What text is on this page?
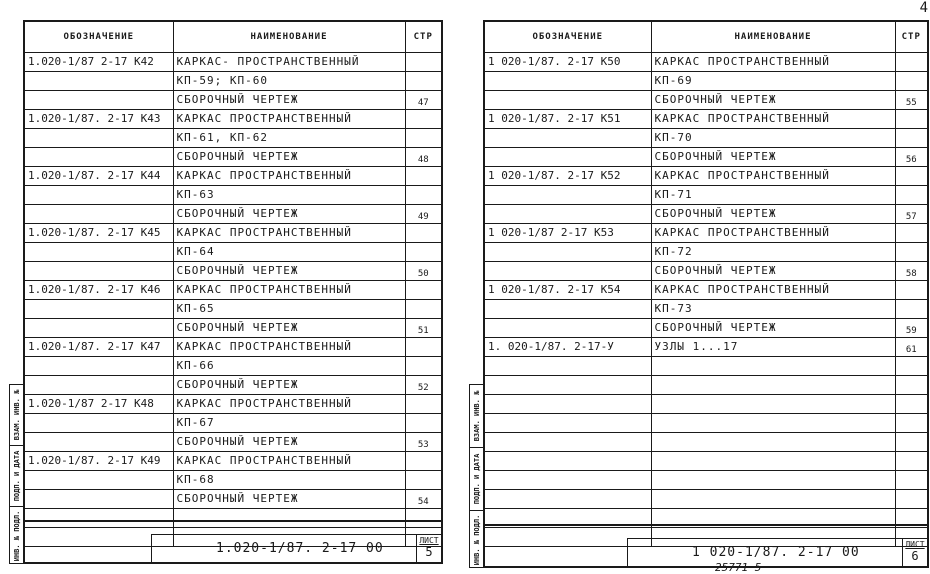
ВЗАМ. ИНВ. №
ПОДП. И ДАТА
ИНВ. № ПОДЛ.
ОБОЗНАЧЕНИЕ	НАИМЕНОВАНИЕ	СТР
1.020-1/87 2-17 К42	КАРКАС- ПРОСТРАНСТВЕННЫЙ	
	КП-59; КП-60	
	СБОРОЧНЫЙ ЧЕРТЕЖ	47
1.020-1/87. 2-17 К43	КАРКАС ПРОСТРАНСТВЕННЫЙ	
	КП-61, КП-62	
	СБОРОЧНЫЙ ЧЕРТЕЖ	48
1.020-1/87. 2-17 К44	КАРКАС ПРОСТРАНСТВЕННЫЙ	
	КП-63	
	СБОРОЧНЫЙ ЧЕРТЕЖ	49
1.020-1/87. 2-17 К45	КАРКАС ПРОСТРАНСТВЕННЫЙ	
	КП-64	
	СБОРОЧНЫЙ ЧЕРТЕЖ	50
1.020-1/87. 2-17 К46	КАРКАС ПРОСТРАНСТВЕННЫЙ	
	КП-65	
	СБОРОЧНЫЙ ЧЕРТЕЖ	51
1.020-1/87. 2-17 К47	КАРКАС ПРОСТРАНСТВЕННЫЙ	
	КП-66	
	СБОРОЧНЫЙ ЧЕРТЕЖ	52
1.020-1/87 2-17 К48	КАРКАС ПРОСТРАНСТВЕННЫЙ	
	КП-67	
	СБОРОЧНЫЙ ЧЕРТЕЖ	53
1.020-1/87. 2-17 К49	КАРКАС ПРОСТРАНСТВЕННЫЙ	
	КП-68	
	СБОРОЧНЫЙ ЧЕРТЕЖ	54

1.020-1/87. 2-17 00
ЛИСТ
5
4
ВЗАМ. ИНВ. №
ПОДП. И ДАТА
ИНВ. № ПОДЛ.
ОБОЗНАЧЕНИЕ	НАИМЕНОВАНИЕ	СТР
1 020-1/87. 2-17 К50	КАРКАС ПРОСТРАНСТВЕННЫЙ	
	КП-69	
	СБОРОЧНЫЙ ЧЕРТЕЖ	55
1 020-1/87. 2-17 К51	КАРКАС ПРОСТРАНСТВЕННЫЙ	
	КП-70	
	СБОРОЧНЫЙ ЧЕРТЕЖ	56
1 020-1/87. 2-17 К52	КАРКАС ПРОСТРАНСТВЕННЫЙ	
	КП-71	
	СБОРОЧНЫЙ ЧЕРТЕЖ	57
1 020-1/87 2-17 К53	КАРКАС ПРОСТРАНСТВЕННЫЙ	
	КП-72	
	СБОРОЧНЫЙ ЧЕРТЕЖ	58
1 020-1/87. 2-17 К54	КАРКАС ПРОСТРАНСТВЕННЫЙ	
	КП-73	
	СБОРОЧНЫЙ ЧЕРТЕЖ	59
1. 020-1/87. 2-17-У	УЗЛЫ 1...17	61

1 020-1/87. 2-17 00
ЛИСТ
6
25771 5
